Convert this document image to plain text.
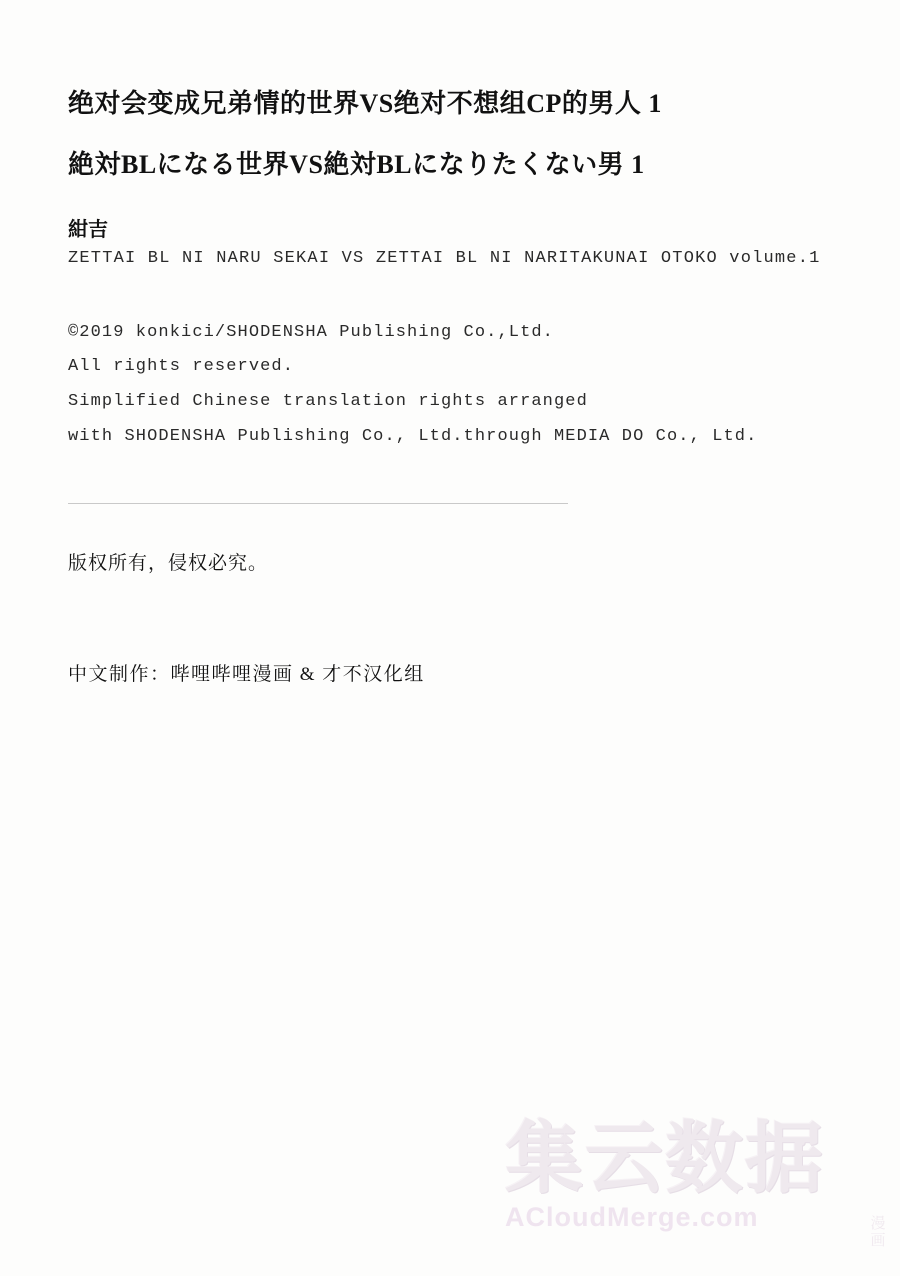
绝对会变成兄弟情的世界VS绝对不想组CP的男人 1
絶対BLになる世界VS絶対BLになりたくない男 1
紺吉
ZETTAI BL NI NARU SEKAI VS ZETTAI BL NI NARITAKUNAI OTOKO volume.1
©2019 konkici/SHODENSHA Publishing Co.,Ltd.
All rights reserved.
Simplified Chinese translation rights arranged
with SHODENSHA Publishing Co., Ltd.through MEDIA DO Co., Ltd.
版权所有，侵权必究。
中文制作：哔哩哔哩漫画 & 才不汉化组
集云数据
ACloudMerge.com	漫画
